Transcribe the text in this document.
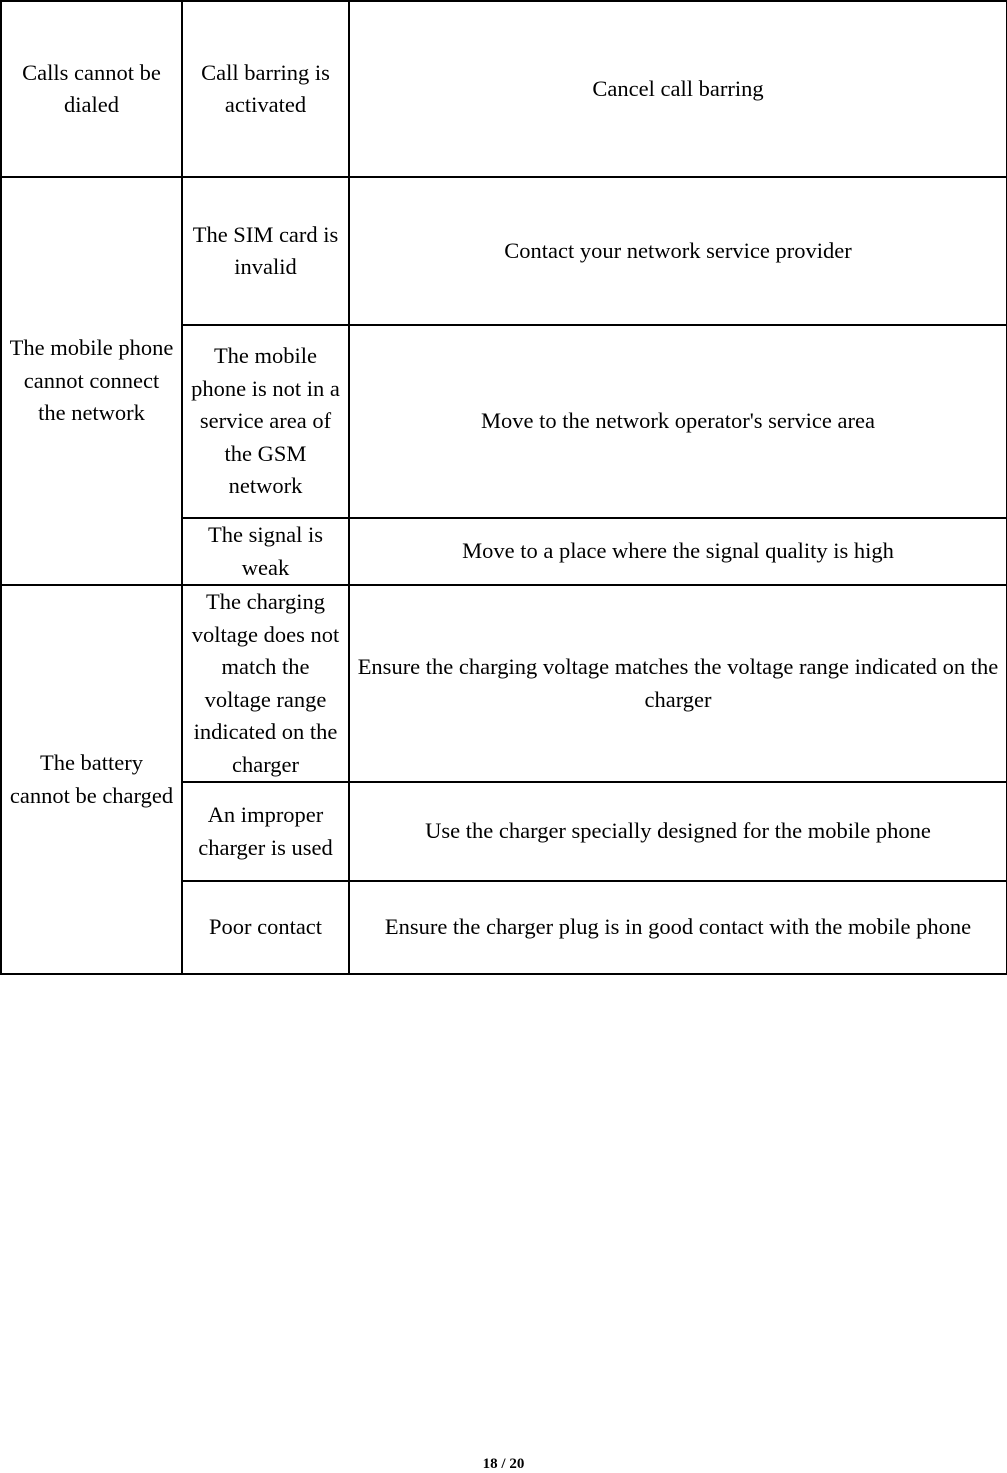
Calls cannot be dialed	Call barring is activated	Cancel call barring
The mobile phone cannot connect the network	The SIM card is invalid	Contact your network service provider
	The mobile phone is not in a service area of the GSM network	Move to the network operator's service area
	The signal is weak	Move to a place where the signal quality is high
The battery cannot be charged	The charging voltage does not match the voltage range indicated on the charger	Ensure the charging voltage matches the voltage range indicated on the charger
	An improper charger is used	Use the charger specially designed for the mobile phone
	Poor contact	Ensure the charger plug is in good contact with the mobile phone
18 / 20
